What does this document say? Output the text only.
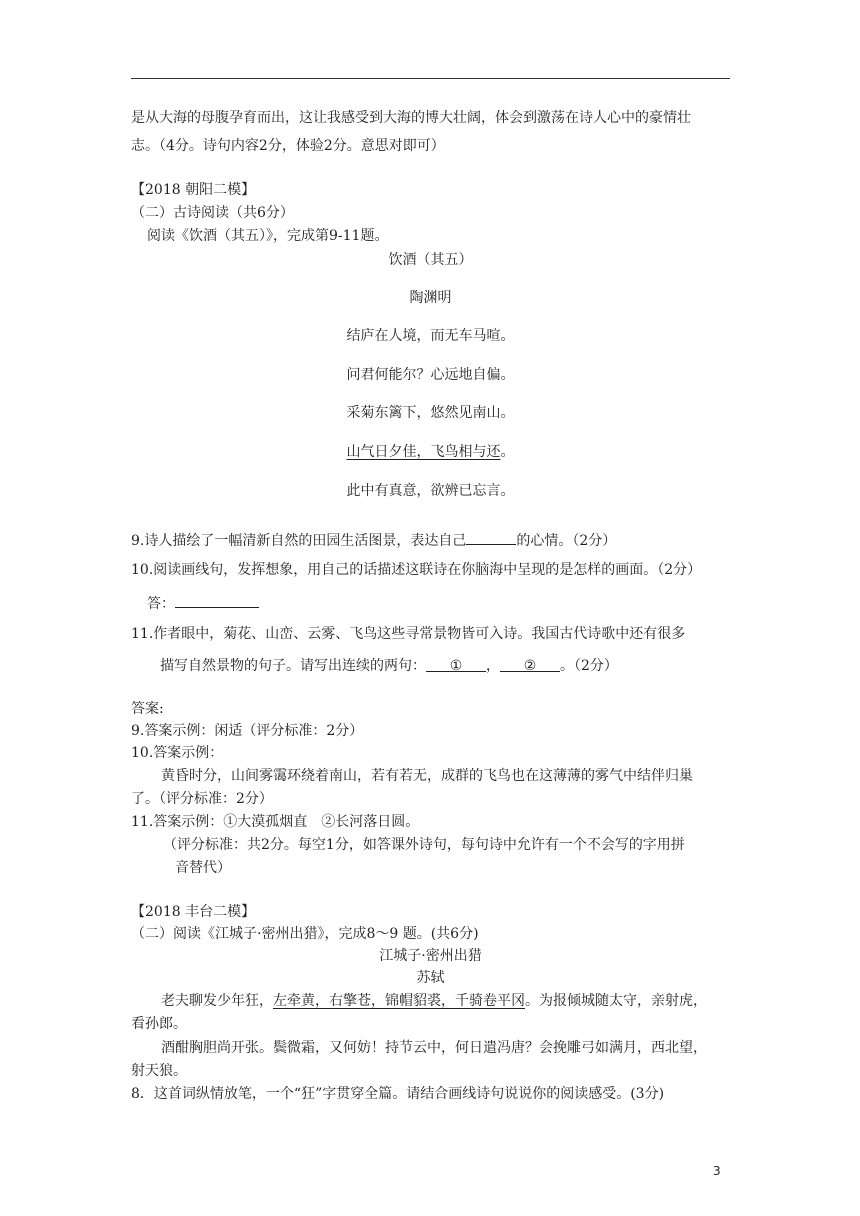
是从大海的母腹孕育而出，这让我感受到大海的博大壮阔，体会到激荡在诗人心中的豪情壮
志。（4分。诗句内容2分，体验2分。意思对即可）
【2018 朝阳二模】
（二）古诗阅读（共6分）
阅读《饮酒（其五）》，完成第9-11题。
饮酒（其五）
陶渊明
结庐在人境，而无车马喧。
问君何能尔？心远地自偏。
采菊东篱下，悠然见南山。
山气日夕佳，飞鸟相与还。
此中有真意，欲辨已忘言。
9.诗人描绘了一幅清新自然的田园生活图景，表达自己	的心情。（2分）
10.阅读画线句，发挥想象，用自己的话描述这联诗在你脑海中呈现的是怎样的画面。（2分）
答：
11.作者眼中，菊花、山峦、云雾、飞鸟这些寻常景物皆可入诗。我国古代诗歌中还有很多
描写自然景物的句子。请写出连续的两句： ① ， ② 。（2分）
答案:
9.答案示例：闲适（评分标准：2分）
10.答案示例：
黄昏时分，山间雾霭环绕着南山，若有若无，成群的飞鸟也在这薄薄的雾气中结伴归巢
了。（评分标准：2分）
11.答案示例：①大漠孤烟直　②长河落日圆。
（评分标准：共2分。每空1分，如答课外诗句，每句诗中允许有一个不会写的字用拼
音替代）
【2018 丰台二模】
（二）阅读《江城子·密州出猎》，完成8～9 题。(共6分)
江城子·密州出猎
苏轼
老夫聊发少年狂，左牵黄，右擎苍，锦帽貂裘，千骑卷平冈。为报倾城随太守，亲射虎，
看孙郎。
酒酣胸胆尚开张。鬓微霜，又何妨！持节云中，何日遣冯唐？会挽雕弓如满月，西北望，
射天狼。
8．这首词纵情放笔，一个“狂”字贯穿全篇。请结合画线诗句说说你的阅读感受。(3分)
3
